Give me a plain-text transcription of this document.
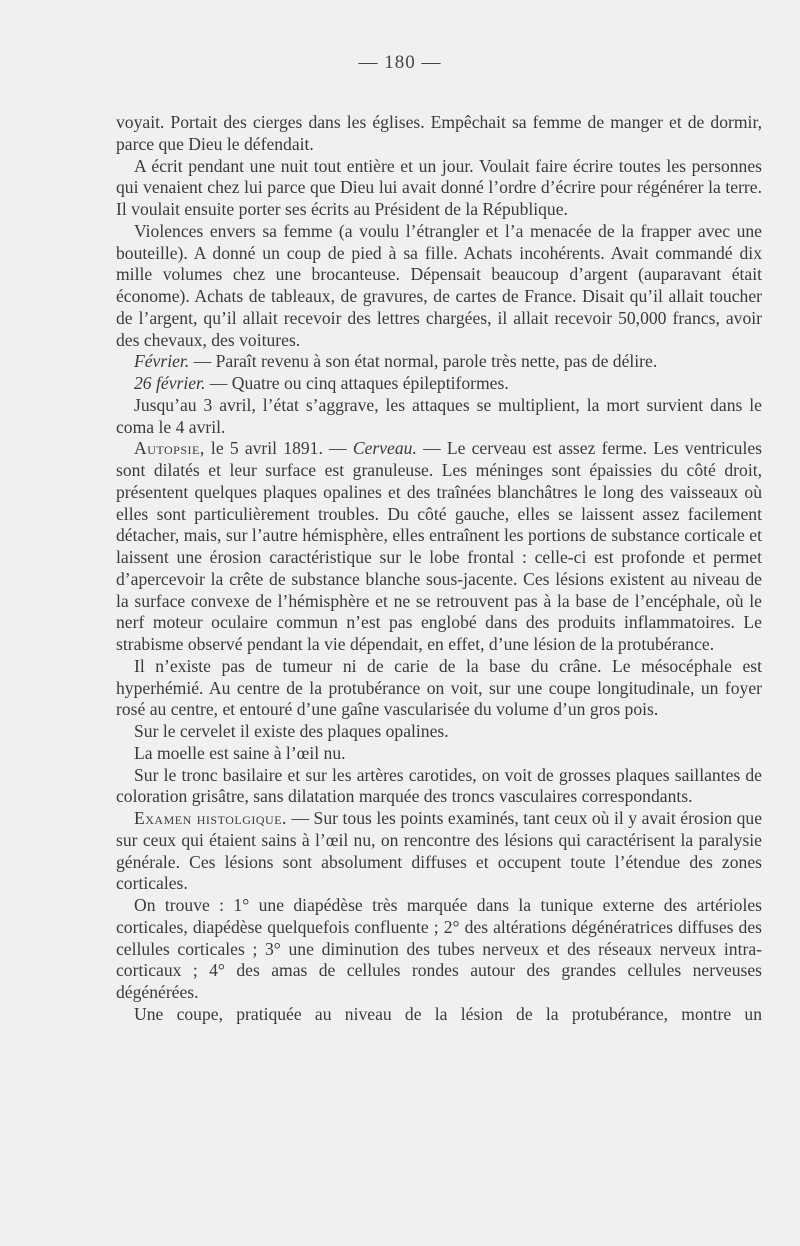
— 180 —

voyait. Portait des cierges dans les églises. Empêchait sa femme de manger et de dormir, parce que Dieu le défendait.

A écrit pendant une nuit tout entière et un jour. Voulait faire écrire toutes les personnes qui venaient chez lui parce que Dieu lui avait donné l’ordre d’écrire pour régénérer la terre. Il voulait ensuite porter ses écrits au Président de la République.

Violences envers sa femme (a voulu l’étrangler et l’a menacée de la frapper avec une bouteille). A donné un coup de pied à sa fille. Achats incohérents. Avait commandé dix mille volumes chez une brocanteuse. Dépensait beaucoup d’argent (auparavant était économe). Achats de tableaux, de gravures, de cartes de France. Disait qu’il allait toucher de l’argent, qu’il allait recevoir des lettres chargées, il allait recevoir 50,000 francs, avoir des chevaux, des voitures.

Février. — Paraît revenu à son état normal, parole très nette, pas de délire.

26 février. — Quatre ou cinq attaques épileptiformes.

Jusqu’au 3 avril, l’état s’aggrave, les attaques se multiplient, la mort survient dans le coma le 4 avril.

Autopsie, le 5 avril 1891. — Cerveau. — Le cerveau est assez ferme. Les ventricules sont dilatés et leur surface est granuleuse. Les méninges sont épaissies du côté droit, présentent quelques plaques opalines et des traînées blanchâtres le long des vaisseaux où elles sont particulièrement troubles. Du côté gauche, elles se laissent assez facilement détacher, mais, sur l’autre hémisphère, elles entraînent les portions de substance corticale et laissent une érosion caractéristique sur le lobe frontal : celle-ci est profonde et permet d’apercevoir la crête de substance blanche sous-jacente. Ces lésions existent au niveau de la surface convexe de l’hémisphère et ne se retrouvent pas à la base de l’encéphale, où le nerf moteur oculaire commun n’est pas englobé dans des produits inflammatoires. Le strabisme observé pendant la vie dépendait, en effet, d’une lésion de la protubérance.

Il n’existe pas de tumeur ni de carie de la base du crâne. Le mésocéphale est hyperhémié. Au centre de la protubérance on voit, sur une coupe longitudinale, un foyer rosé au centre, et entouré d’une gaîne vascularisée du volume d’un gros pois.

Sur le cervelet il existe des plaques opalines.

La moelle est saine à l’œil nu.

Sur le tronc basilaire et sur les artères carotides, on voit de grosses plaques saillantes de coloration grisâtre, sans dilatation marquée des troncs vasculaires correspondants.

Examen histolgique. — Sur tous les points examinés, tant ceux où il y avait érosion que sur ceux qui étaient sains à l’œil nu, on rencontre des lésions qui caractérisent la paralysie générale. Ces lésions sont absolument diffuses et occupent toute l’étendue des zones corticales.

On trouve : 1° une diapédèse très marquée dans la tunique externe des artérioles corticales, diapédèse quelquefois confluente ; 2° des altérations dégénératrices diffuses des cellules corticales ; 3° une diminution des tubes nerveux et des réseaux nerveux intra-corticaux ; 4° des amas de cellules rondes autour des grandes cellules nerveuses dégénérées.

Une coupe, pratiquée au niveau de la lésion de la protubérance, montre un
